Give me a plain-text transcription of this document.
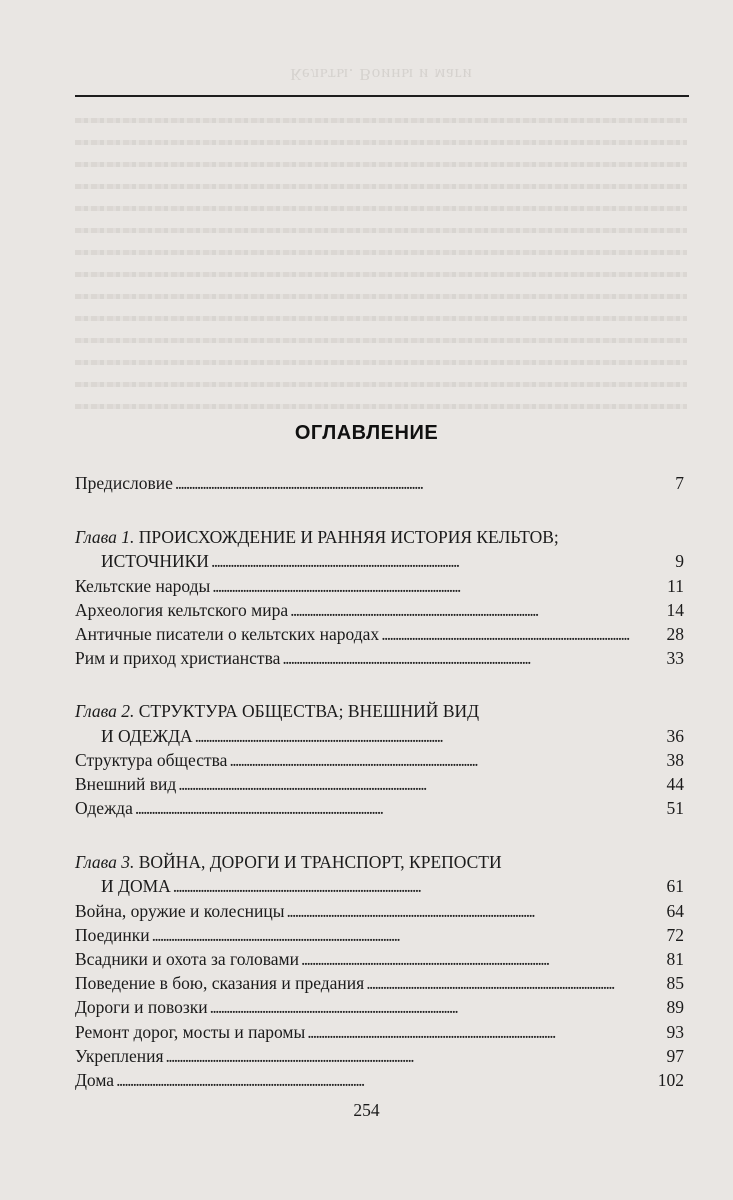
Кельты. Воины и маги
ОГЛАВЛЕНИЕ
Предисловие . . .	7
Глава 1. ПРОИСХОЖДЕНИЕ И РАННЯЯ ИСТОРИЯ КЕЛЬТОВ;
ИСТОЧНИКИ . . .	9
Кельтские народы . . .	11
Археология кельтского мира . . .	14
Античные писатели о кельтских народах . . .	28
Рим и приход христианства . . .	33
Глава 2. СТРУКТУРА ОБЩЕСТВА; ВНЕШНИЙ ВИД
И ОДЕЖДА . . .	36
Структура общества . . .	38
Внешний вид . . .	44
Одежда . . .	51
Глава 3. ВОЙНА, ДОРОГИ И ТРАНСПОРТ, КРЕПОСТИ
И ДОМА . . .	61
Война, оружие и колесницы . . .	64
Поединки . . .	72
Всадники и охота за головами . . .	81
Поведение в бою, сказания и предания . . .	85
Дороги и повозки . . .	89
Ремонт дорог, мосты и паромы . . .	93
Укрепления . . .	97
Дома . . .	102
254
